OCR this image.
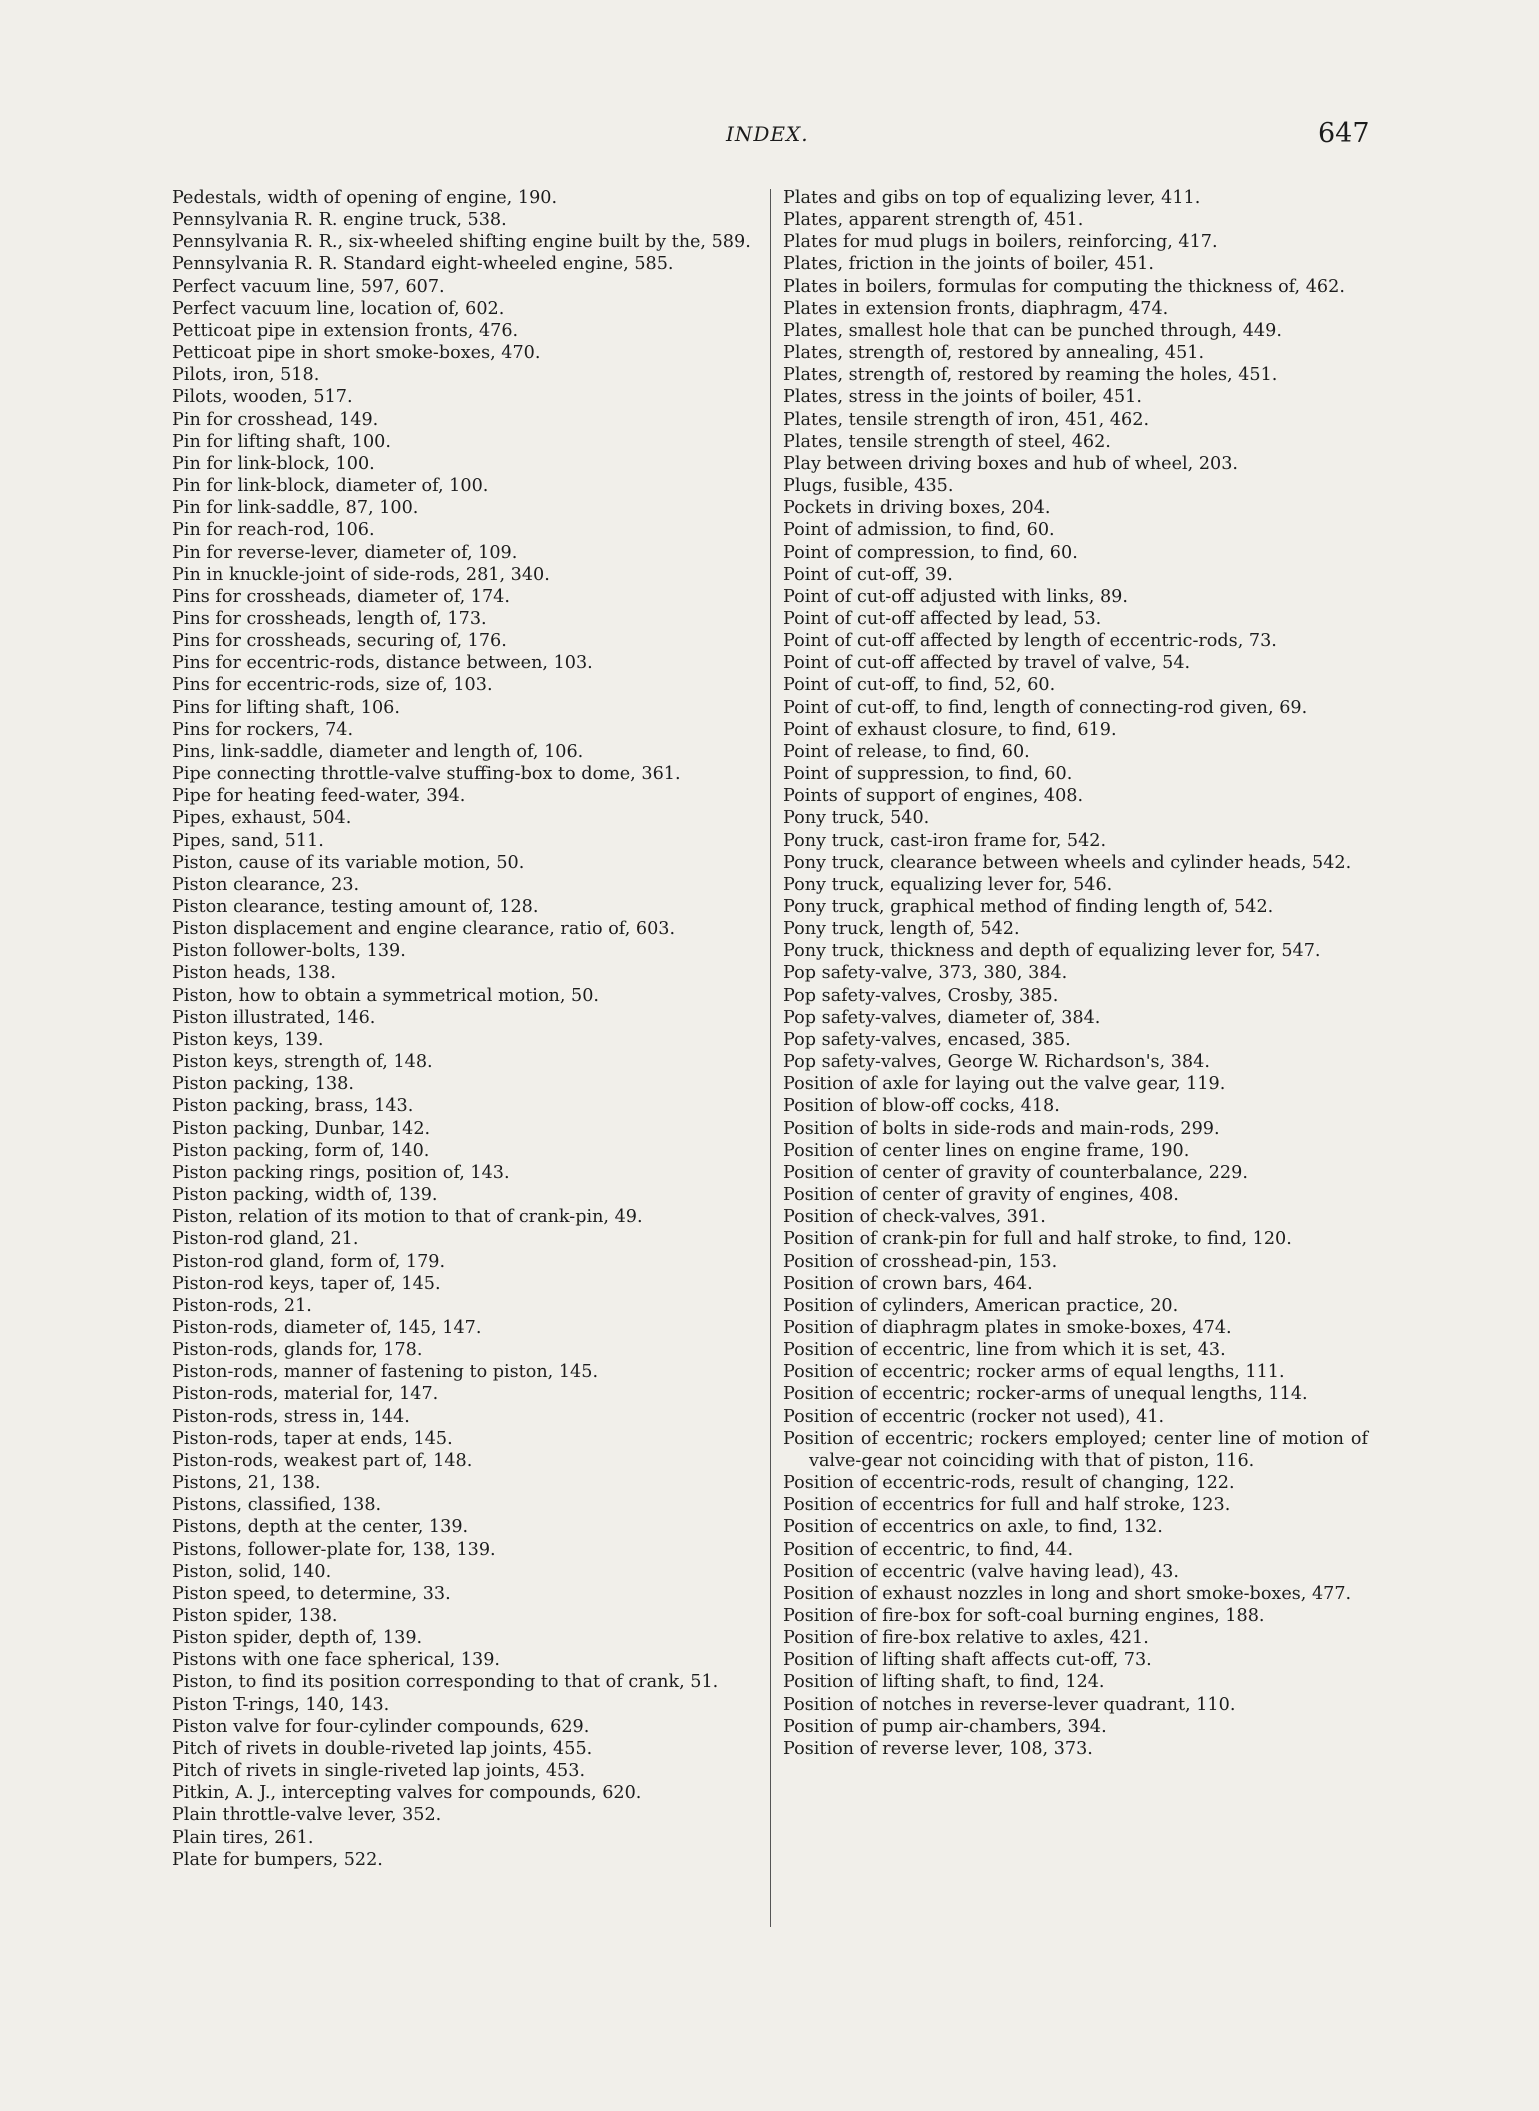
INDEX.	647

Pedestals, width of opening of engine, 190.

Pennsylvania R. R. engine truck, 538.

Pennsylvania R. R., six-wheeled shifting engine built by the, 589.

Pennsylvania R. R. Standard eight-wheeled engine, 585.

Perfect vacuum line, 597, 607.

Perfect vacuum line, location of, 602.

Petticoat pipe in extension fronts, 476.

Petticoat pipe in short smoke-boxes, 470.

Pilots, iron, 518.

Pilots, wooden, 517.

Pin for crosshead, 149.

Pin for lifting shaft, 100.

Pin for link-block, 100.

Pin for link-block, diameter of, 100.

Pin for link-saddle, 87, 100.

Pin for reach-rod, 106.

Pin for reverse-lever, diameter of, 109.

Pin in knuckle-joint of side-rods, 281, 340.

Pins for crossheads, diameter of, 174.

Pins for crossheads, length of, 173.

Pins for crossheads, securing of, 176.

Pins for eccentric-rods, distance between, 103.

Pins for eccentric-rods, size of, 103.

Pins for lifting shaft, 106.

Pins for rockers, 74.

Pins, link-saddle, diameter and length of, 106.

Pipe connecting throttle-valve stuffing-box to dome, 361.

Pipe for heating feed-water, 394.

Pipes, exhaust, 504.

Pipes, sand, 511.

Piston, cause of its variable motion, 50.

Piston clearance, 23.

Piston clearance, testing amount of, 128.

Piston displacement and engine clearance, ratio of, 603.

Piston follower-bolts, 139.

Piston heads, 138.

Piston, how to obtain a symmetrical motion, 50.

Piston illustrated, 146.

Piston keys, 139.

Piston keys, strength of, 148.

Piston packing, 138.

Piston packing, brass, 143.

Piston packing, Dunbar, 142.

Piston packing, form of, 140.

Piston packing rings, position of, 143.

Piston packing, width of, 139.

Piston, relation of its motion to that of crank-pin, 49.

Piston-rod gland, 21.

Piston-rod gland, form of, 179.

Piston-rod keys, taper of, 145.

Piston-rods, 21.

Piston-rods, diameter of, 145, 147.

Piston-rods, glands for, 178.

Piston-rods, manner of fastening to piston, 145.

Piston-rods, material for, 147.

Piston-rods, stress in, 144.

Piston-rods, taper at ends, 145.

Piston-rods, weakest part of, 148.

Pistons, 21, 138.

Pistons, classified, 138.

Pistons, depth at the center, 139.

Pistons, follower-plate for, 138, 139.

Piston, solid, 140.

Piston speed, to determine, 33.

Piston spider, 138.

Piston spider, depth of, 139.

Pistons with one face spherical, 139.

Piston, to find its position corresponding to that of crank, 51.

Piston T-rings, 140, 143.

Piston valve for four-cylinder compounds, 629.

Pitch of rivets in double-riveted lap joints, 455.

Pitch of rivets in single-riveted lap joints, 453.

Pitkin, A. J., intercepting valves for compounds, 620.

Plain throttle-valve lever, 352.

Plain tires, 261.

Plate for bumpers, 522.

Plates and gibs on top of equalizing lever, 411.

Plates, apparent strength of, 451.

Plates for mud plugs in boilers, reinforcing, 417.

Plates, friction in the joints of boiler, 451.

Plates in boilers, formulas for computing the thickness of, 462.

Plates in extension fronts, diaphragm, 474.

Plates, smallest hole that can be punched through, 449.

Plates, strength of, restored by annealing, 451.

Plates, strength of, restored by reaming the holes, 451.

Plates, stress in the joints of boiler, 451.

Plates, tensile strength of iron, 451, 462.

Plates, tensile strength of steel, 462.

Play between driving boxes and hub of wheel, 203.

Plugs, fusible, 435.

Pockets in driving boxes, 204.

Point of admission, to find, 60.

Point of compression, to find, 60.

Point of cut-off, 39.

Point of cut-off adjusted with links, 89.

Point of cut-off affected by lead, 53.

Point of cut-off affected by length of eccentric-rods, 73.

Point of cut-off affected by travel of valve, 54.

Point of cut-off, to find, 52, 60.

Point of cut-off, to find, length of connecting-rod given, 69.

Point of exhaust closure, to find, 619.

Point of release, to find, 60.

Point of suppression, to find, 60.

Points of support of engines, 408.

Pony truck, 540.

Pony truck, cast-iron frame for, 542.

Pony truck, clearance between wheels and cylinder heads, 542.

Pony truck, equalizing lever for, 546.

Pony truck, graphical method of finding length of, 542.

Pony truck, length of, 542.

Pony truck, thickness and depth of equalizing lever for, 547.

Pop safety-valve, 373, 380, 384.

Pop safety-valves, Crosby, 385.

Pop safety-valves, diameter of, 384.

Pop safety-valves, encased, 385.

Pop safety-valves, George W. Richardson's, 384.

Position of axle for laying out the valve gear, 119.

Position of blow-off cocks, 418.

Position of bolts in side-rods and main-rods, 299.

Position of center lines on engine frame, 190.

Position of center of gravity of counterbalance, 229.

Position of center of gravity of engines, 408.

Position of check-valves, 391.

Position of crank-pin for full and half stroke, to find, 120.

Position of crosshead-pin, 153.

Position of crown bars, 464.

Position of cylinders, American practice, 20.

Position of diaphragm plates in smoke-boxes, 474.

Position of eccentric, line from which it is set, 43.

Position of eccentric; rocker arms of equal lengths, 111.

Position of eccentric; rocker-arms of unequal lengths, 114.

Position of eccentric (rocker not used), 41.

Position of eccentric; rockers employed; center line of motion of valve-gear not coinciding with that of piston, 116.

Position of eccentric-rods, result of changing, 122.

Position of eccentrics for full and half stroke, 123.

Position of eccentrics on axle, to find, 132.

Position of eccentric, to find, 44.

Position of eccentric (valve having lead), 43.

Position of exhaust nozzles in long and short smoke-boxes, 477.

Position of fire-box for soft-coal burning engines, 188.

Position of fire-box relative to axles, 421.

Position of lifting shaft affects cut-off, 73.

Position of lifting shaft, to find, 124.

Position of notches in reverse-lever quadrant, 110.

Position of pump air-chambers, 394.

Position of reverse lever, 108, 373.
